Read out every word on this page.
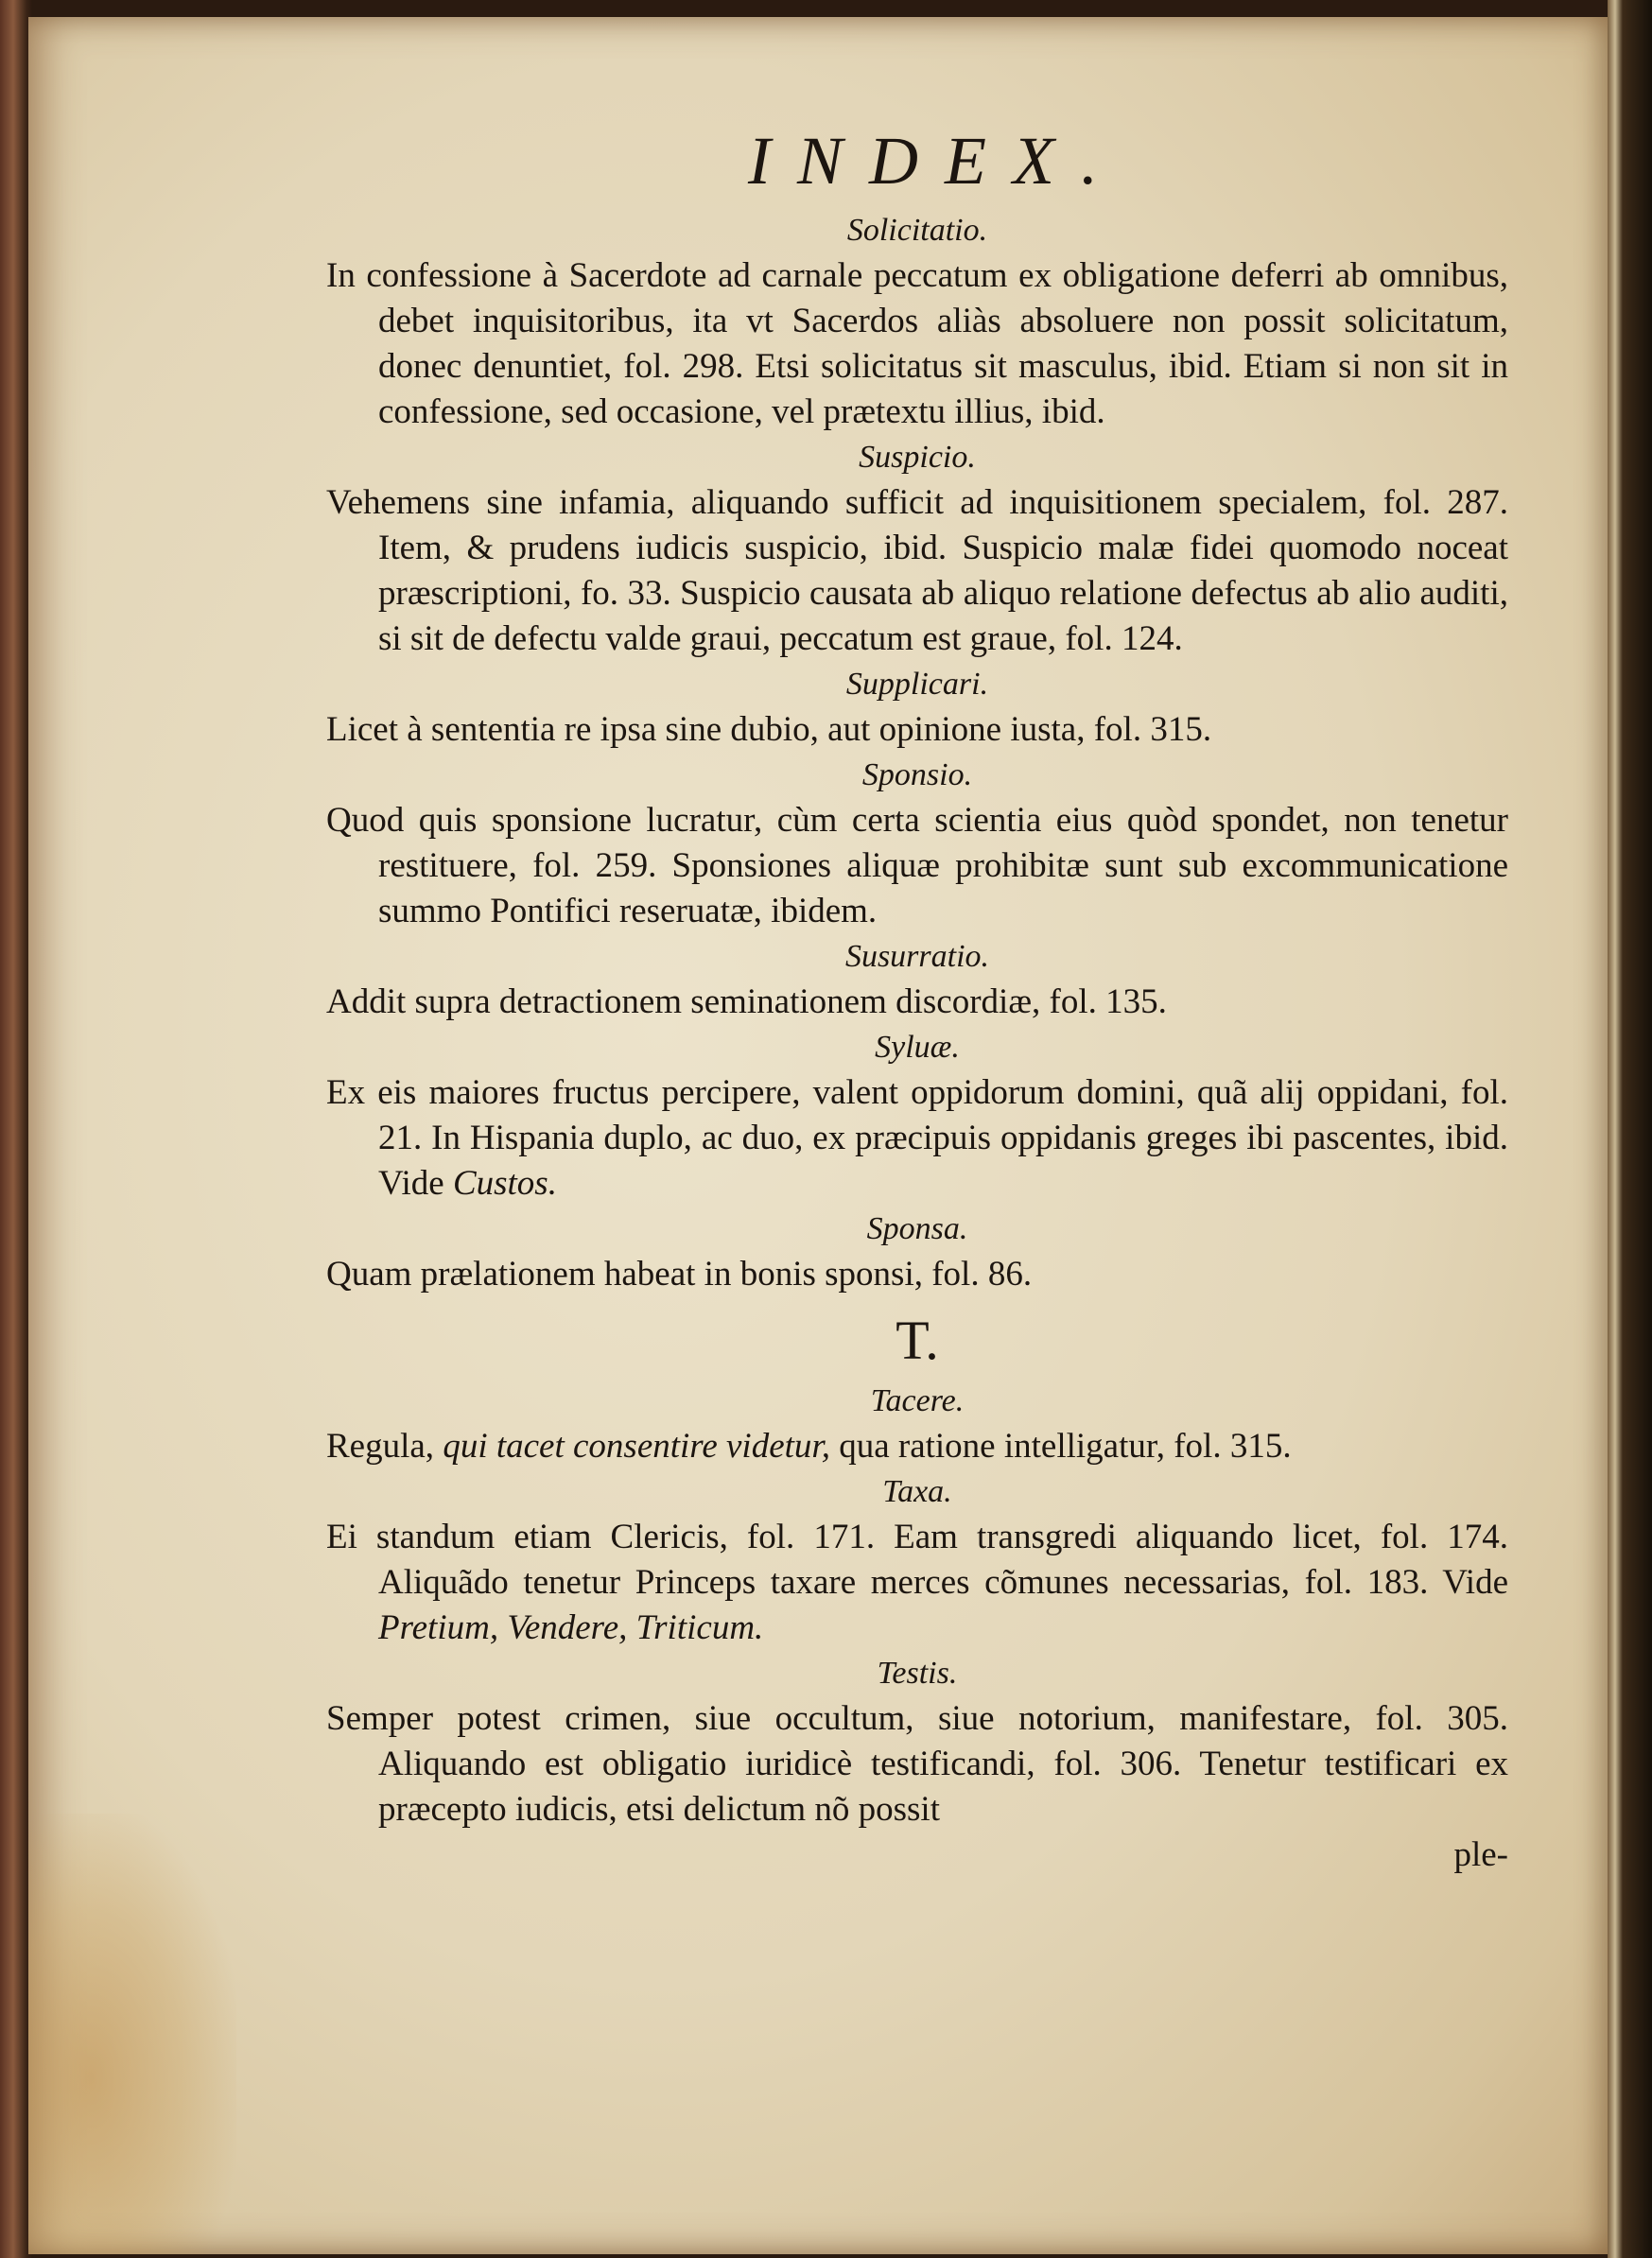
INDEX.
Solicitatio.
In confessione à Sacerdote ad carnale peccatum ex obligatione deferri ab omnibus, debet inquisitoribus, ita vt Sacerdos aliàs absoluere non possit solicitatum, donec denuntiet, fol. 298. Etsi solicitatus sit masculus, ibid. Etiam si non sit in confessione, sed occasione, vel prætextu illius, ibid.
Suspicio.
Vehemens sine infamia, aliquando sufficit ad inquisitionem specialem, fol. 287. Item, & prudens iudicis suspicio, ibid. Suspicio malæ fidei quomodo noceat præscriptioni, fo. 33. Suspicio causata ab aliquo relatione defectus ab alio auditi, si sit de defectu valde graui, peccatum est graue, fol. 124.
Supplicari.
Licet à sententia re ipsa sine dubio, aut opinione iusta, fol. 315.
Sponsio.
Quod quis sponsione lucratur, cùm certa scientia eius quòd spondet, non tenetur restituere, fol. 259. Sponsiones aliquæ prohibitæ sunt sub excommunicatione summo Pontifici reseruatæ, ibidem.
Susurratio.
Addit supra detractionem seminationem discordiæ, fol. 135.
Syluæ.
Ex eis maiores fructus percipere, valent oppidorum domini, quã alij oppidani, fol. 21. In Hispania duplo, ac duo, ex præcipuis oppidanis greges ibi pascentes, ibid. Vide Custos.
Sponsa.
Quam prælationem habeat in bonis sponsi, fol. 86.
T.
Tacere.
Regula, qui tacet consentire videtur, qua ratione intelligatur, fol. 315.
Taxa.
Ei standum etiam Clericis, fol. 171. Eam transgredi aliquando licet, fol. 174. Aliquãdo tenetur Princeps taxare merces cõmunes necessarias, fol. 183. Vide Pretium, Vendere, Triticum.
Testis.
Semper potest crimen, siue occultum, siue notorium, manifestare, fol. 305. Aliquando est obligatio iuridicè testificandi, fol. 306. Tenetur testificari ex præcepto iudicis, etsi delictum nõ possit
ple-
